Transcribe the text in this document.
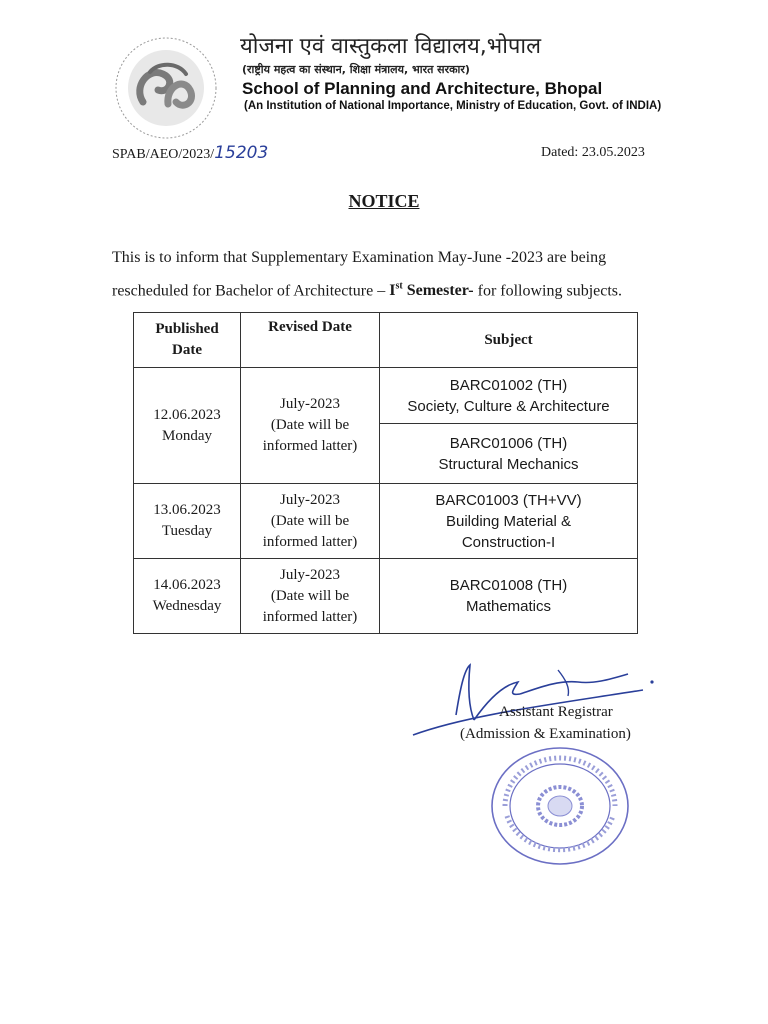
योजना एवं वास्तुकला विद्यालय,भोपाल
(राष्ट्रीय महत्व का संस्थान, शिक्षा मंत्रालय, भारत सरकार)
School of Planning and Architecture, Bhopal
(An Institution of National Importance, Ministry of Education, Govt. of INDIA)
SPAB/AEO/2023/15203	Dated: 23.05.2023
NOTICE
This is to inform that Supplementary Examination May-June -2023 are being
rescheduled for Bachelor of Architecture – Ist Semester- for following subjects.
Published
Date	Revised Date	Subject
12.06.2023
Monday	July-2023
(Date will be
informed latter)	BARC01002 (TH)
Society, Culture & Architecture
		BARC01006 (TH)
Structural Mechanics
13.06.2023
Tuesday	July-2023
(Date will be
informed latter)	BARC01003 (TH+VV)
Building Material &
Construction-I
14.06.2023
Wednesday	July-2023
(Date will be
informed latter)	BARC01008 (TH)
Mathematics
Assistant Registrar
(Admission & Examination)
